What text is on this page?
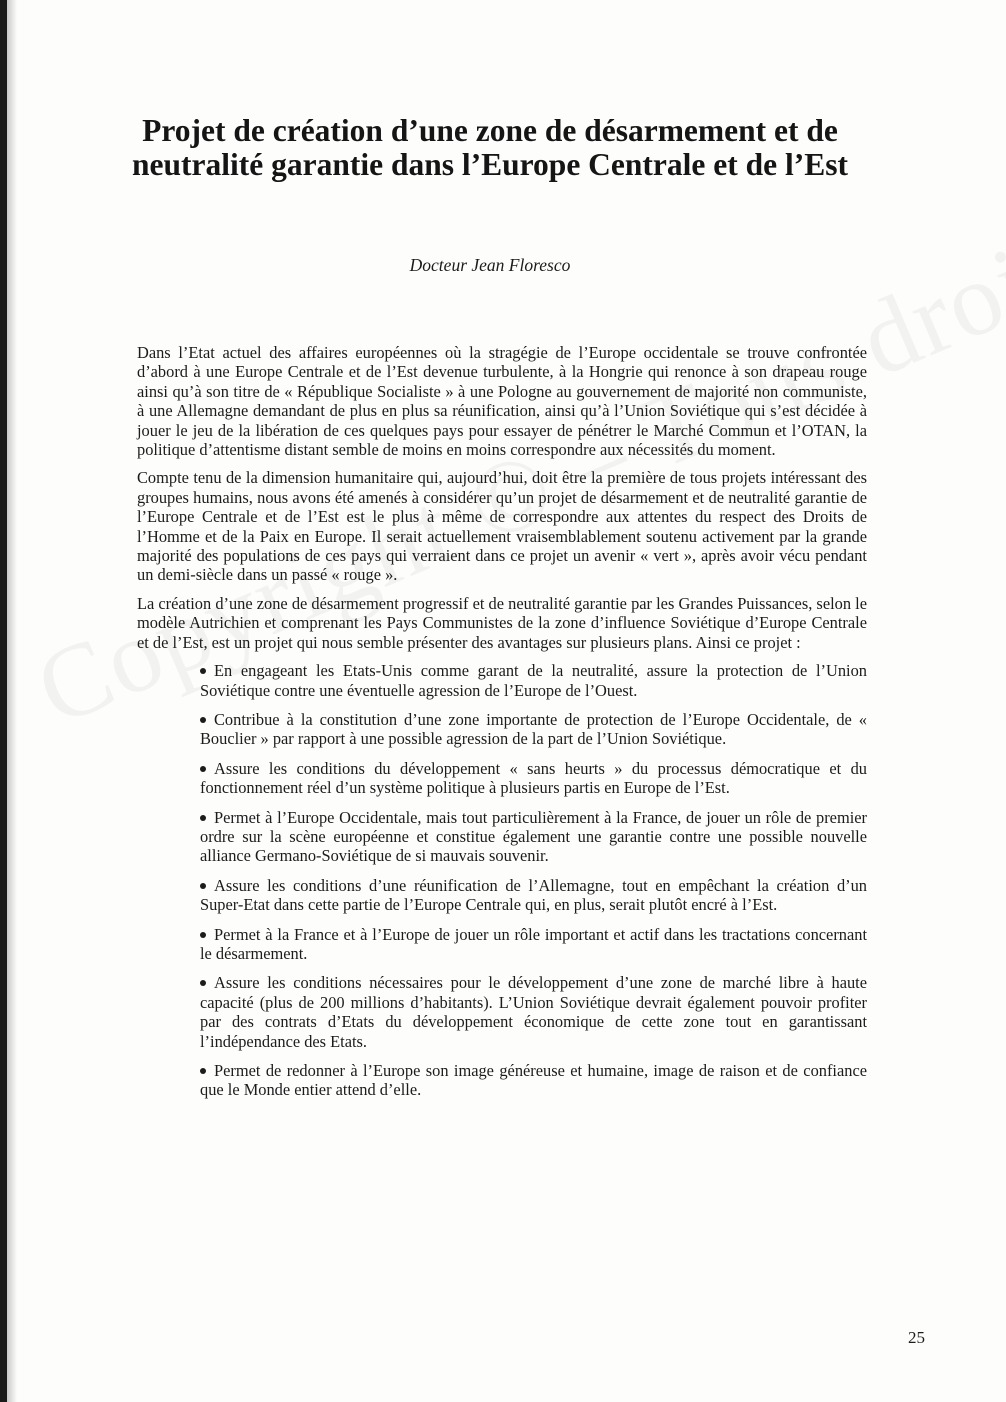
Projet de création d’une zone de désarmement et de neutralité garantie dans l’Europe Centrale et de l’Est
Docteur Jean Floresco

Dans l’Etat actuel des affaires européennes où la stragégie de l’Europe occidentale se trouve confrontée d’abord à une Europe Centrale et de l’Est devenue turbulente, à la Hongrie qui renonce à son drapeau rouge ainsi qu’à son titre de « République Socialiste » à une Pologne au gouvernement de majorité non communiste, à une Allemagne demandant de plus en plus sa réunification, ainsi qu’à l’Union Soviétique qui s’est décidée à jouer le jeu de la libération de ces quelques pays pour essayer de pénétrer le Marché Commun et l’OTAN, la politique d’attentisme distant semble de moins en moins correspondre aux nécessités du moment.

Compte tenu de la dimension humanitaire qui, aujourd’hui, doit être la première de tous projets intéressant des groupes humains, nous avons été amenés à considérer qu’un projet de désarmement et de neutralité garantie de l’Europe Centrale et de l’Est est le plus à même de correspondre aux attentes du respect des Droits de l’Homme et de la Paix en Europe. Il serait actuellement vraisemblablement soutenu activement par la grande majorité des populations de ces pays qui verraient dans ce projet un avenir « vert », après avoir vécu pendant un demi-siècle dans un passé « rouge ».

La création d’une zone de désarmement progressif et de neutralité garantie par les Grandes Puissances, selon le modèle Autrichien et comprenant les Pays Communistes de la zone d’influence Soviétique d’Europe Centrale et de l’Est, est un projet qui nous semble présenter des avantages sur plusieurs plans. Ainsi ce projet :

En engageant les Etats-Unis comme garant de la neutralité, assure la protection de l’Union Soviétique contre une éventuelle agression de l’Europe de l’Ouest.
Contribue à la constitution d’une zone importante de protection de l’Europe Occidentale, de « Bouclier » par rapport à une possible agression de la part de l’Union Soviétique.
Assure les conditions du développement « sans heurts » du processus démocratique et du fonctionnement réel d’un système politique à plusieurs partis en Europe de l’Est.
Permet à l’Europe Occidentale, mais tout particulièrement à la France, de jouer un rôle de premier ordre sur la scène européenne et constitue également une garantie contre une possible nouvelle alliance Germano-Soviétique de si mauvais souvenir.
Assure les conditions d’une réunification de l’Allemagne, tout en empêchant la création d’un Super-Etat dans cette partie de l’Europe Centrale qui, en plus, serait plutôt encré à l’Est.
Permet à la France et à l’Europe de jouer un rôle important et actif dans les tractations concernant le désarmement.
Assure les conditions nécessaires pour le développement d’une zone de marché libre à haute capacité (plus de 200 millions d’habitants). L’Union Soviétique devrait également pouvoir profiter par des contrats d’Etats du développement économique de cette zone tout en garantissant l’indépendance des Etats.
Permet de redonner à l’Europe son image généreuse et humaine, image de raison et de confiance que le Monde entier attend d’elle.
25
